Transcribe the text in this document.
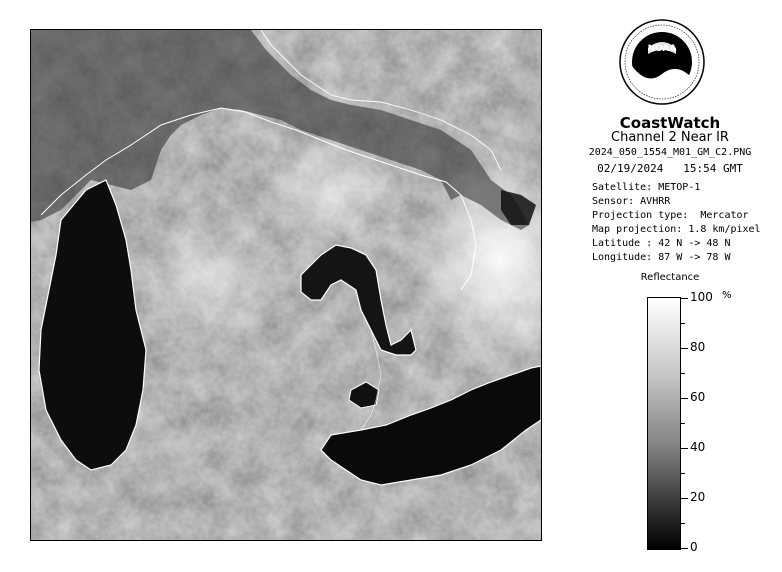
NOAA
CoastWatch
Channel 2 Near IR
2024_050_1554_M01_GM_C2.PNG
02/19/2024   15:54 GMT
Satellite: METOP-1
Sensor: AVHRR
Projection type:  Mercator
Map projection: 1.8 km/pixel
Latitude : 42 N -> 48 N
Longitude: 87 W -> 78 W
Reflectance
%
100
80
60
40
20
0
